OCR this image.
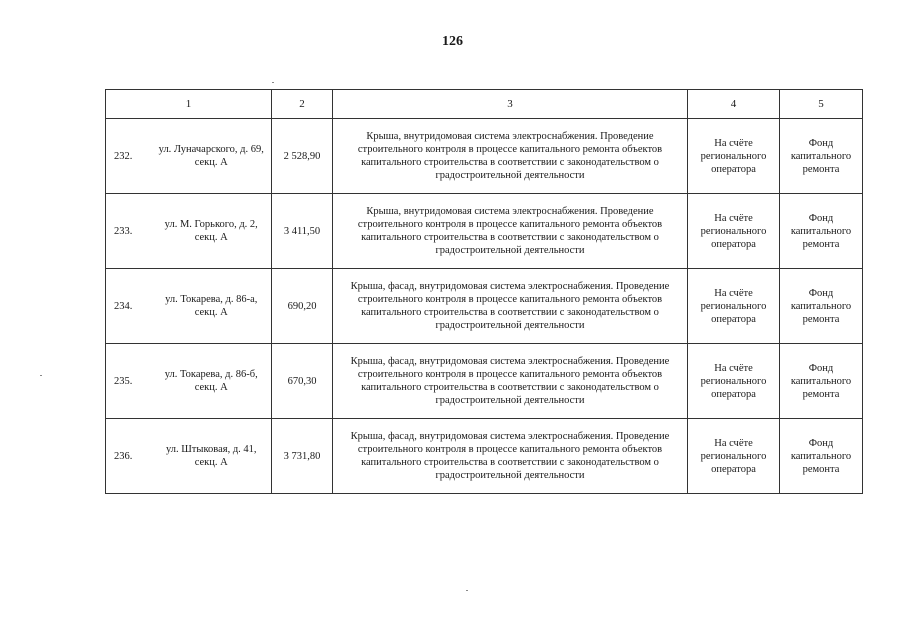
126
1		2	3	4	5
232.	ул. Луначарского, д. 69, секц. А	2 528,90	Крыша, внутридомовая система электроснабжения. Проведение строительного контроля в процессе капитального ремонта объектов капитального строительства в соответствии с законодательством о градостроительной деятельности	На счёте регионального оператора	Фонд капитального ремонта
233.	ул. М. Горького, д. 2, секц. А	3 411,50	Крыша, внутридомовая система электроснабжения. Проведение строительного контроля в процессе капитального ремонта объектов капитального строительства в соответствии с законодательством о градостроительной деятельности	На счёте регионального оператора	Фонд капитального ремонта
234.	ул. Токарева, д. 86-а, секц. А	690,20	Крыша, фасад, внутридомовая система электроснабжения. Проведение строительного контроля в процессе капитального ремонта объектов капитального строительства в соответствии с законодательством о градостроительной деятельности	На счёте регионального оператора	Фонд капитального ремонта
235.	ул. Токарева, д. 86-б, секц. А	670,30	Крыша, фасад, внутридомовая система электроснабжения. Проведение строительного контроля в процессе капитального ремонта объектов капитального строительства в соответствии с законодательством о градостроительной деятельности	На счёте регионального оператора	Фонд капитального ремонта
236.	ул. Штыковая, д. 41, секц. А	3 731,80	Крыша, фасад, внутридомовая система электроснабжения. Проведение строительного контроля в процессе капитального ремонта объектов капитального строительства в соответствии с законодательством о градостроительной деятельности	На счёте регионального оператора	Фонд капитального ремонта
